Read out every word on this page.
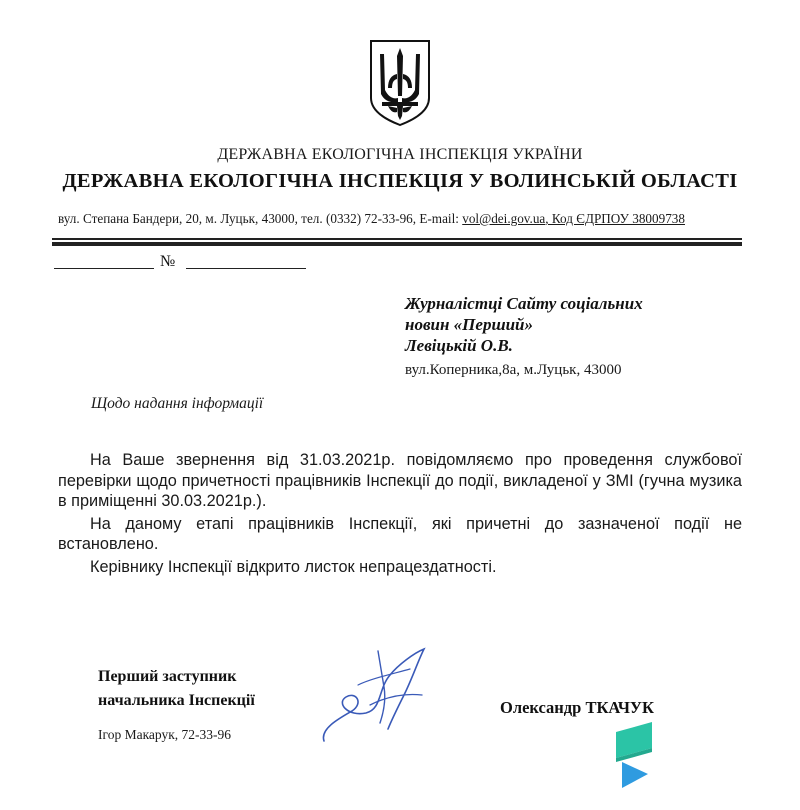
ДЕРЖАВНА ЕКОЛОГІЧНА ІНСПЕКЦІЯ УКРАЇНИ
ДЕРЖАВНА ЕКОЛОГІЧНА ІНСПЕКЦІЯ У ВОЛИНСЬКІЙ ОБЛАСТІ
вул. Степана Бандери, 20, м. Луцьк, 43000, тел. (0332) 72-33-96, E-mail: vol@dei.gov.ua, Код ЄДРПОУ 38009738
№
Журналістці Сайту соціальних
новин «Перший»
Левіцькій О.В.
вул.Коперника,8а, м.Луцьк, 43000
Щодо надання інформації

На Ваше звернення від 31.03.2021р. повідомляємо про проведення службової перевірки щодо причетності працівників Інспекції до події, викладеної у ЗМІ (гучна музика в приміщенні 30.03.2021р.).

На даному етапі працівників Інспекції, які причетні до зазначеної події не встановлено.

Керівнику Інспекції відкрито листок непрацездатності.

Перший заступник
начальника Інспекції	Олександр ТКАЧУК
Ігор Макарук, 72-33-96
